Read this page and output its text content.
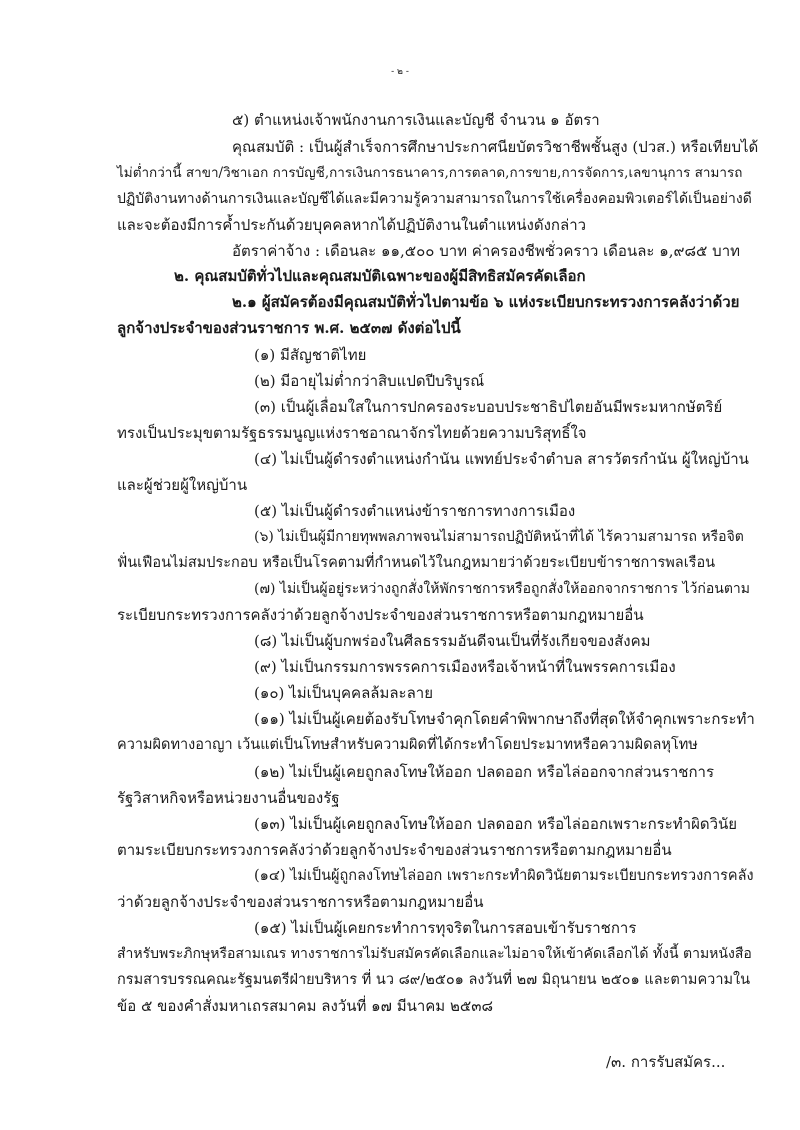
- ๒ -
๕) ตำแหน่งเจ้าพนักงานการเงินและบัญชี จำนวน ๑ อัตรา
คุณสมบัติ : เป็นผู้สำเร็จการศึกษาประกาศนียบัตรวิชาชีพชั้นสูง (ปวส.) หรือเทียบได้
ไม่ต่ำกว่านี้ สาขา/วิชาเอก การบัญชี,การเงินการธนาคาร,การตลาด,การขาย,การจัดการ,เลขานุการ สามารถ
ปฏิบัติงานทางด้านการเงินและบัญชีได้และมีความรู้ความสามารถในการใช้เครื่องคอมพิวเตอร์ได้เป็นอย่างดี
และจะต้องมีการค้ำประกันด้วยบุคคลหากได้ปฏิบัติงานในตำแหน่งดังกล่าว
อัตราค่าจ้าง : เดือนละ ๑๑,๕๐๐ บาท ค่าครองชีพชั่วคราว เดือนละ ๑,๙๘๕ บาท
๒. คุณสมบัติทั่วไปและคุณสมบัติเฉพาะของผู้มีสิทธิสมัครคัดเลือก
๒.๑ ผู้สมัครต้องมีคุณสมบัติทั่วไปตามข้อ ๖ แห่งระเบียบกระทรวงการคลังว่าด้วย
ลูกจ้างประจำของส่วนราชการ พ.ศ. ๒๕๓๗ ดังต่อไปนี้
(๑) มีสัญชาติไทย
(๒) มีอายุไม่ต่ำกว่าสิบแปดปีบริบูรณ์
(๓) เป็นผู้เลื่อมใสในการปกครองระบอบประชาธิปไตยอันมีพระมหากษัตริย์
ทรงเป็นประมุขตามรัฐธรรมนูญแห่งราชอาณาจักรไทยด้วยความบริสุทธิ์ใจ
(๔) ไม่เป็นผู้ดำรงตำแหน่งกำนัน แพทย์ประจำตำบล สารวัตรกำนัน ผู้ใหญ่บ้าน
และผู้ช่วยผู้ใหญ่บ้าน
(๕) ไม่เป็นผู้ดำรงตำแหน่งข้าราชการทางการเมือง
(๖) ไม่เป็นผู้มีกายทุพพลภาพจนไม่สามารถปฏิบัติหน้าที่ได้ ไร้ความสามารถ หรือจิต
ฟั่นเฟือนไม่สมประกอบ หรือเป็นโรคตามที่กำหนดไว้ในกฎหมายว่าด้วยระเบียบข้าราชการพลเรือน
(๗) ไม่เป็นผู้อยู่ระหว่างถูกสั่งให้พักราชการหรือถูกสั่งให้ออกจากราชการ ไว้ก่อนตาม
ระเบียบกระทรวงการคลังว่าด้วยลูกจ้างประจำของส่วนราชการหรือตามกฎหมายอื่น
(๘) ไม่เป็นผู้บกพร่องในศีลธรรมอันดีจนเป็นที่รังเกียจของสังคม
(๙) ไม่เป็นกรรมการพรรคการเมืองหรือเจ้าหน้าที่ในพรรคการเมือง
(๑๐) ไม่เป็นบุคคลล้มละลาย
(๑๑) ไม่เป็นผู้เคยต้องรับโทษจำคุกโดยคำพิพากษาถึงที่สุดให้จำคุกเพราะกระทำ
ความผิดทางอาญา เว้นแต่เป็นโทษสำหรับความผิดที่ได้กระทำโดยประมาทหรือความผิดลหุโทษ
(๑๒) ไม่เป็นผู้เคยถูกลงโทษให้ออก ปลดออก หรือไล่ออกจากส่วนราชการ
รัฐวิสาหกิจหรือหน่วยงานอื่นของรัฐ
(๑๓) ไม่เป็นผู้เคยถูกลงโทษให้ออก ปลดออก หรือไล่ออกเพราะกระทำผิดวินัย
ตามระเบียบกระทรวงการคลังว่าด้วยลูกจ้างประจำของส่วนราชการหรือตามกฎหมายอื่น
(๑๔) ไม่เป็นผู้ถูกลงโทษไล่ออก เพราะกระทำผิดวินัยตามระเบียบกระทรวงการคลัง
ว่าด้วยลูกจ้างประจำของส่วนราชการหรือตามกฎหมายอื่น
(๑๕) ไม่เป็นผู้เคยกระทำการทุจริตในการสอบเข้ารับราชการ
สำหรับพระภิกษุหรือสามเณร ทางราชการไม่รับสมัครคัดเลือกและไม่อาจให้เข้าคัดเลือกได้ ทั้งนี้ ตามหนังสือ
กรมสารบรรณคณะรัฐมนตรีฝ่ายบริหาร ที่ นว ๘๙/๒๕๐๑ ลงวันที่ ๒๗ มิถุนายน ๒๕๐๑ และตามความใน
ข้อ ๕ ของคำสั่งมหาเถรสมาคม ลงวันที่ ๑๗ มีนาคม ๒๕๓๘
/๓. การรับสมัคร...
